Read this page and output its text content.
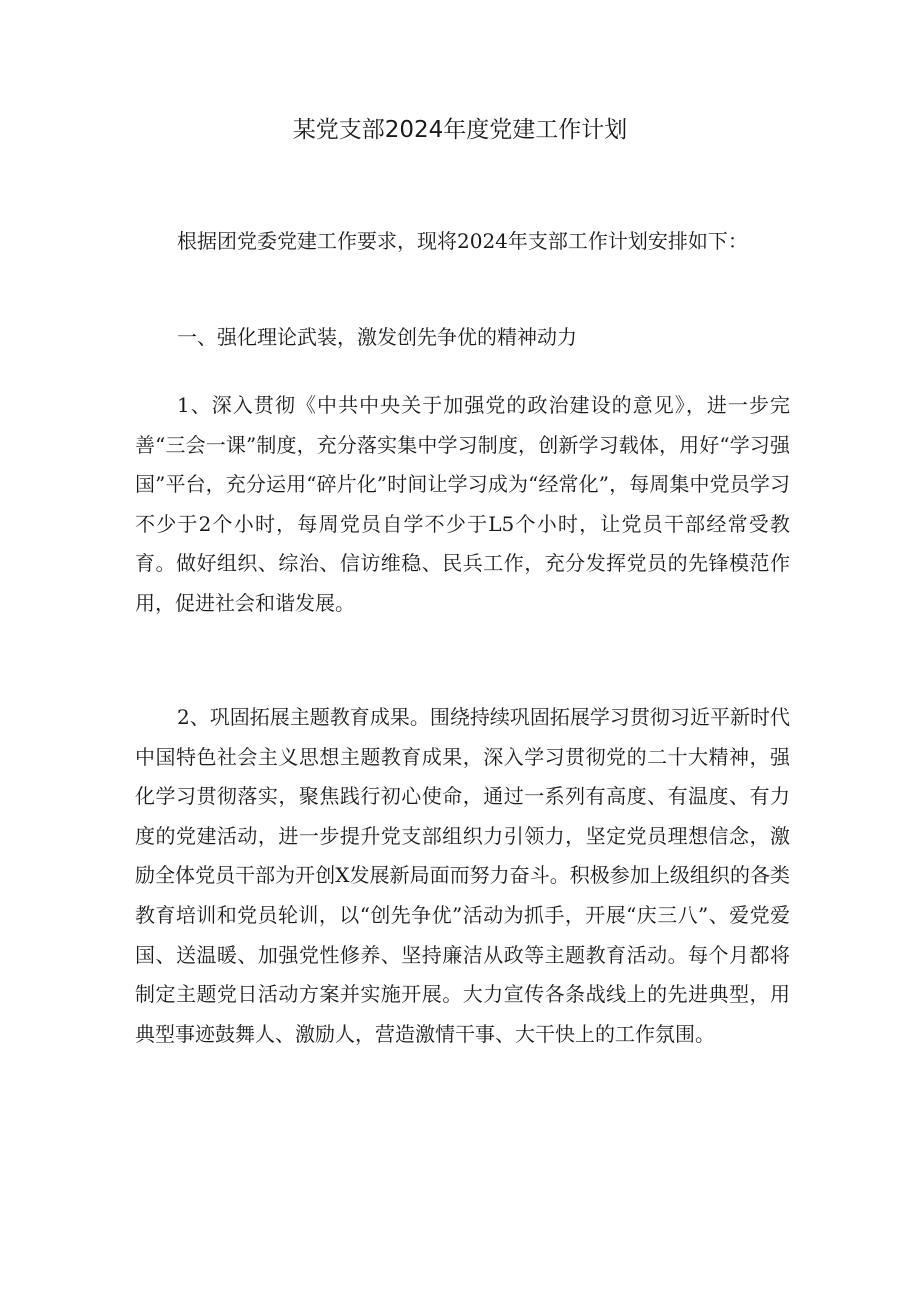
某党支部2024年度党建工作计划

根据团党委党建工作要求，现将2024年支部工作计划安排如下：

一、强化理论武装，激发创先争优的精神动力

1、深入贯彻《中共中央关于加强党的政治建设的意见》，进一步完善“三会一课”制度，充分落实集中学习制度，创新学习载体，用好“学习强国”平台，充分运用“碎片化”时间让学习成为“经常化”，每周集中党员学习不少于2个小时，每周党员自学不少于L5个小时，让党员干部经常受教育。做好组织、综治、信访维稳、民兵工作，充分发挥党员的先锋模范作用，促进社会和谐发展。

2、巩固拓展主题教育成果。围绕持续巩固拓展学习贯彻习近平新时代中国特色社会主义思想主题教育成果，深入学习贯彻党的二十大精神，强化学习贯彻落实，聚焦践行初心使命，通过一系列有高度、有温度、有力度的党建活动，进一步提升党支部组织力引领力，坚定党员理想信念，激励全体党员干部为开创X发展新局面而努力奋斗。积极参加上级组织的各类教育培训和党员轮训，以“创先争优”活动为抓手，开展“庆三八”、爱党爱国、送温暖、加强党性修养、坚持廉洁从政等主题教育活动。每个月都将制定主题党日活动方案并实施开展。大力宣传各条战线上的先进典型，用典型事迹鼓舞人、激励人，营造激情干事、大干快上的工作氛围。
